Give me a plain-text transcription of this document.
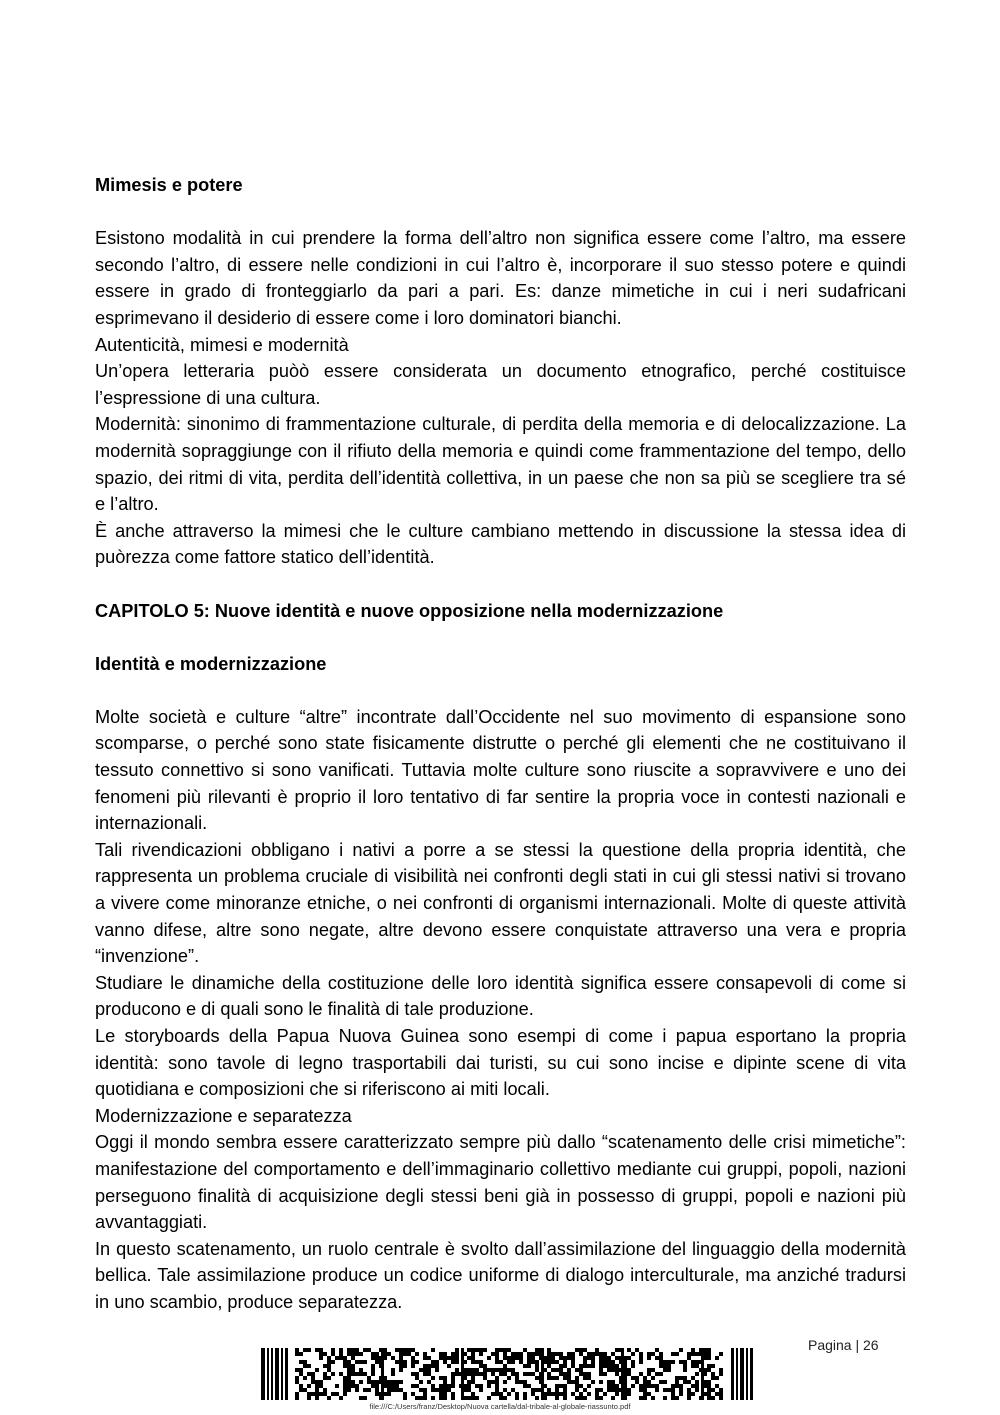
Mimesis e potere

Esistono modalità in cui prendere la forma dell’altro non significa essere come l’altro, ma essere secondo l’altro, di essere nelle condizioni in cui l’altro è, incorporare il suo stesso potere e quindi essere in grado di fronteggiarlo da pari a pari. Es: danze mimetiche in cui i neri sudafricani esprimevano il desiderio di essere come i loro dominatori bianchi.

Autenticità, mimesi e modernità

Un’opera letteraria puòò essere considerata un documento etnografico, perché costituisce l’espressione di una cultura.

Modernità: sinonimo di frammentazione culturale, di perdita della memoria e di delocalizzazione. La modernità sopraggiunge con il rifiuto della memoria e quindi come frammentazione del tempo, dello spazio, dei ritmi di vita, perdita dell’identità collettiva, in un paese che non sa più se scegliere tra sé e l’altro.

È anche attraverso la mimesi che le culture cambiano mettendo in discussione la stessa idea di puòrezza come fattore statico dell’identità.

CAPITOLO 5: Nuove identità e nuove opposizione nella modernizzazione

Identità e modernizzazione

Molte società e culture “altre” incontrate dall’Occidente nel suo movimento di espansione sono scomparse, o perché sono state fisicamente distrutte o perché gli elementi che ne costituivano il tessuto connettivo si sono vanificati. Tuttavia molte culture sono riuscite a sopravvivere e uno dei fenomeni più rilevanti è proprio il loro tentativo di far sentire la propria voce in contesti nazionali e internazionali.

Tali rivendicazioni obbligano i nativi a porre a se stessi la questione della propria identità, che rappresenta un problema cruciale di visibilità nei confronti degli stati in cui gli stessi nativi si trovano a vivere come minoranze etniche, o nei confronti di organismi internazionali. Molte di queste attività vanno difese, altre sono negate, altre devono essere conquistate attraverso una vera e propria “invenzione”.

Studiare le dinamiche della costituzione delle loro identità significa essere consapevoli di come si producono e di quali sono le finalità di tale produzione.

Le storyboards della Papua Nuova Guinea sono esempi di come i papua esportano la propria identità: sono tavole di legno trasportabili dai turisti, su cui sono incise e dipinte scene di vita quotidiana e composizioni che si riferiscono ai miti locali.

Modernizzazione e separatezza

Oggi il mondo sembra essere caratterizzato sempre più dallo “scatenamento delle crisi mimetiche”: manifestazione del comportamento e dell’immaginario collettivo mediante cui gruppi, popoli, nazioni perseguono finalità di acquisizione degli stessi beni già in possesso di gruppi, popoli e nazioni più avvantaggiati.

In questo scatenamento, un ruolo centrale è svolto dall’assimilazione del linguaggio della modernità bellica. Tale assimilazione produce un codice uniforme di dialogo interculturale, ma anziché tradursi in uno scambio, produce separatezza.

Pagina | 26
file:///C:/Users/franz/Desktop/Nuova cartella/dal-tribale-al-globale-riassunto.pdf
